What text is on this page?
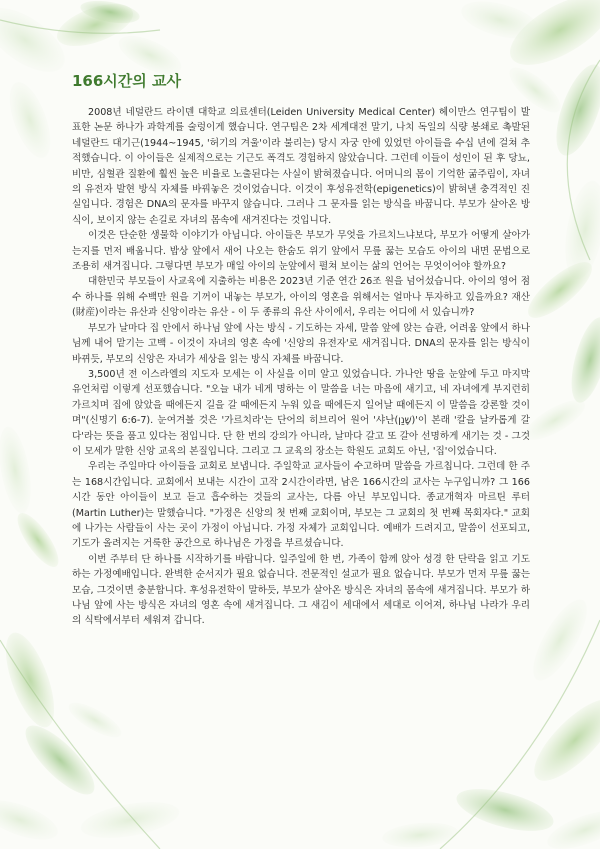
166시간의 교사

2008년 네덜란드 라이덴 대학교 의료센터(Leiden University Medical Center) 헤이만스 연구팀이 발표한 논문 하나가 과학계를 술렁이게 했습니다. 연구팀은 2차 세계대전 말기, 나치 독일의 식량 봉쇄로 촉발된 네덜란드 대기근(1944~1945, '허기의 겨울'이라 불리는) 당시 자궁 안에 있었던 아이들을 수십 년에 걸쳐 추적했습니다. 이 아이들은 실제적으로는 기근도 폭격도 경험하지 않았습니다. 그런데 이들이 성인이 된 후 당뇨, 비만, 심혈관 질환에 훨씬 높은 비율로 노출된다는 사실이 밝혀졌습니다. 어머니의 몸이 기억한 굶주림이, 자녀의 유전자 발현 방식 자체를 바꿔놓은 것이었습니다. 이것이 후성유전학(epigenetics)이 밝혀낸 충격적인 진실입니다. 경험은 DNA의 문자를 바꾸지 않습니다. 그러나 그 문자를 읽는 방식을 바꿉니다. 부모가 살아온 방식이, 보이지 않는 손길로 자녀의 몸속에 새겨진다는 것입니다.

이것은 단순한 생물학 이야기가 아닙니다. 아이들은 부모가 무엇을 가르치느냐보다, 부모가 어떻게 살아가는지를 먼저 배웁니다. 밥상 앞에서 새어 나오는 한숨도 위기 앞에서 무릎 꿇는 모습도 아이의 내면 문법으로 조용히 새겨집니다. 그렇다면 부모가 매일 아이의 눈앞에서 펼쳐 보이는 삶의 언어는 무엇이어야 할까요?

대한민국 부모들이 사교육에 지출하는 비용은 2023년 기준 연간 26조 원을 넘어섰습니다. 아이의 영어 점수 하나를 위해 수백만 원을 기꺼이 내놓는 부모가, 아이의 영혼을 위해서는 얼마나 투자하고 있을까요? 재산(財産)이라는 유산과 신앙이라는 유산 - 이 두 종류의 유산 사이에서, 우리는 어디에 서 있습니까?

부모가 날마다 집 안에서 하나님 앞에 사는 방식 - 기도하는 자세, 말씀 앞에 앉는 습관, 어려움 앞에서 하나님께 내어 맡기는 고백 - 이것이 자녀의 영혼 속에 '신앙의 유전자'로 새겨집니다. DNA의 문자를 읽는 방식이 바뀌듯, 부모의 신앙은 자녀가 세상을 읽는 방식 자체를 바꿉니다.

3,500년 전 이스라엘의 지도자 모세는 이 사실을 이미 알고 있었습니다. 가나안 땅을 눈앞에 두고 마지막 유언처럼 이렇게 선포했습니다. "오늘 내가 네게 명하는 이 말씀을 너는 마음에 새기고, 네 자녀에게 부지런히 가르치며 집에 앉았을 때에든지 길을 갈 때에든지 누워 있을 때에든지 일어날 때에든지 이 말씀을 강론할 것이며"(신명기 6:6-7). 눈여겨볼 것은 '가르치라'는 단어의 히브리어 원어 '샤난(שָׁנַן)'이 본래 '칼을 날카롭게 갈다'라는 뜻을 품고 있다는 점입니다. 단 한 번의 강의가 아니라, 날마다 갈고 또 갈아 선명하게 새기는 것 - 그것이 모세가 말한 신앙 교육의 본질입니다. 그리고 그 교육의 장소는 학원도 교회도 아닌, '집'이었습니다.

우리는 주일마다 아이들을 교회로 보냅니다. 주일학교 교사들이 수고하며 말씀을 가르칩니다. 그런데 한 주는 168시간입니다. 교회에서 보내는 시간이 고작 2시간이라면, 남은 166시간의 교사는 누구입니까? 그 166시간 동안 아이들이 보고 듣고 흡수하는 것들의 교사는, 다름 아닌 부모입니다. 종교개혁자 마르틴 루터(Martin Luther)는 말했습니다. "가정은 신앙의 첫 번째 교회이며, 부모는 그 교회의 첫 번째 목회자다." 교회에 나가는 사람들이 사는 곳이 가정이 아닙니다. 가정 자체가 교회입니다. 예배가 드려지고, 말씀이 선포되고, 기도가 올려지는 거룩한 공간으로 하나님은 가정을 부르셨습니다.

이번 주부터 단 하나를 시작하기를 바랍니다. 일주일에 한 번, 가족이 함께 앉아 성경 한 단락을 읽고 기도하는 가정예배입니다. 완벽한 순서지가 필요 없습니다. 전문적인 설교가 필요 없습니다. 부모가 먼저 무릎 꿇는 모습, 그것이면 충분합니다. 후성유전학이 말하듯, 부모가 살아온 방식은 자녀의 몸속에 새겨집니다. 부모가 하나님 앞에 사는 방식은 자녀의 영혼 속에 새겨집니다. 그 새김이 세대에서 세대로 이어져, 하나님 나라가 우리의 식탁에서부터 세워져 갑니다.
